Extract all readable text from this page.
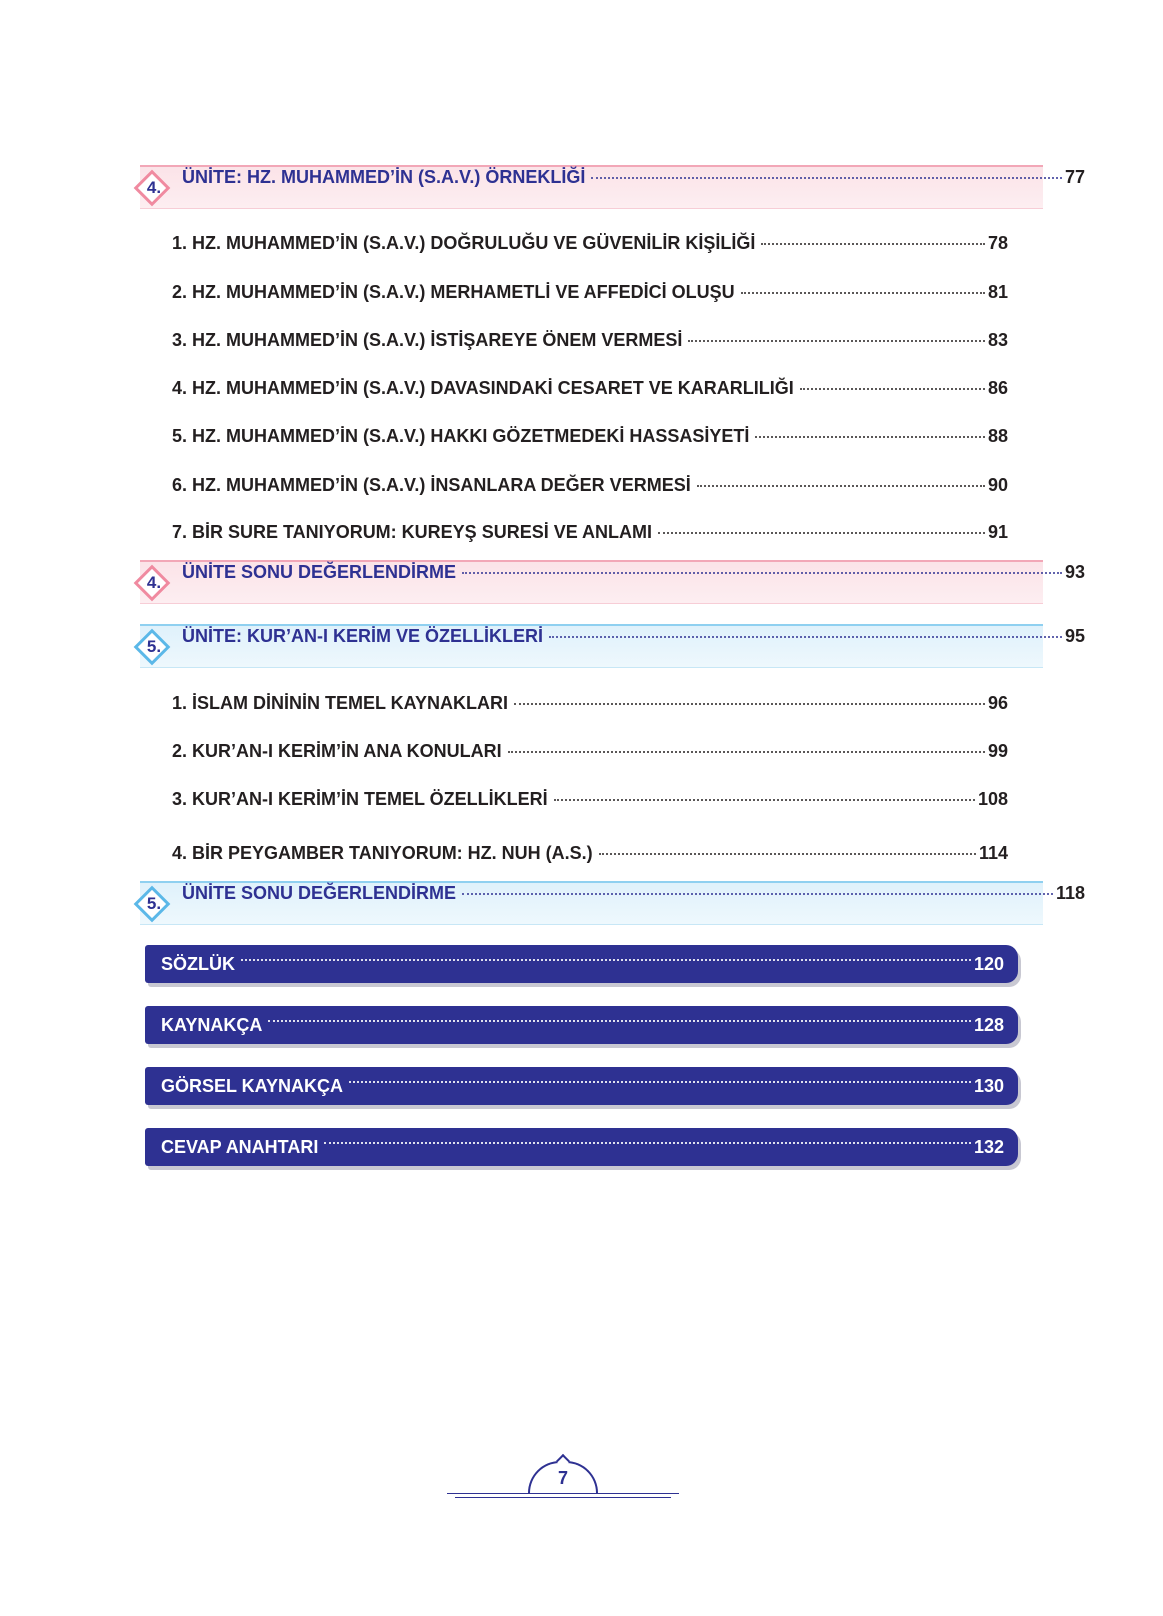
4. ÜNİTE: HZ. MUHAMMED’İN (S.A.V.) ÖRNEKLİĞİ	77
1. HZ. MUHAMMED’İN (S.A.V.) DOĞRULUĞU VE GÜVENİLİR KİŞİLİĞİ	78
2. HZ. MUHAMMED’İN (S.A.V.) MERHAMETLİ VE AFFEDİCİ OLUŞU	81
3. HZ. MUHAMMED’İN (S.A.V.) İSTİŞAREYE ÖNEM VERMESİ	83
4. HZ. MUHAMMED’İN (S.A.V.) DAVASINDAKİ CESARET VE KARARLILIĞI	86
5. HZ. MUHAMMED’İN (S.A.V.) HAKKI GÖZETMEDEKİ HASSASİYETİ	88
6. HZ. MUHAMMED’İN (S.A.V.) İNSANLARA DEĞER VERMESİ	90
7. BİR SURE TANIYORUM: KUREYŞ SURESİ VE ANLAMI	91
4. ÜNİTE SONU DEĞERLENDİRME	93
5. ÜNİTE: KUR’AN-I KERİM VE ÖZELLİKLERİ	95
1. İSLAM DİNİNİN TEMEL KAYNAKLARI	96
2. KUR’AN-I KERİM’İN ANA KONULARI	99
3. KUR’AN-I KERİM’İN TEMEL ÖZELLİKLERİ	108
4. BİR PEYGAMBER TANIYORUM: HZ. NUH (A.S.)	114
5. ÜNİTE SONU DEĞERLENDİRME	118
SÖZLÜK	120
KAYNAKÇA	128
GÖRSEL KAYNAKÇA	130
CEVAP ANAHTARI	132
7
